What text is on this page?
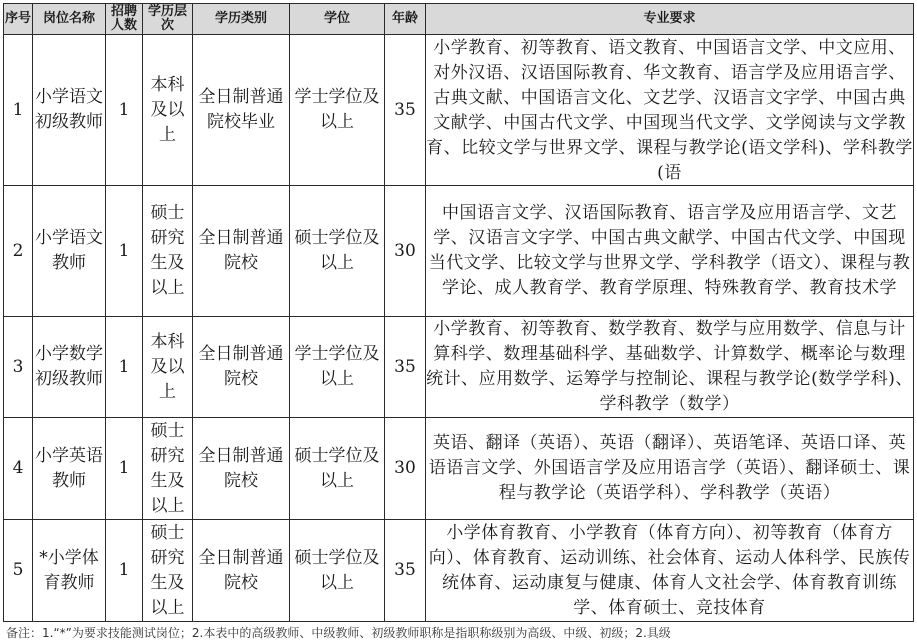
序号	岗位名称	招聘人数	学历层次	学历类别	学位	年龄	专业要求
1	小学语文初级教师	1	本科及以上	全日制普通院校毕业	学士学位及以上	35	小学教育、初等教育、语文教育、中国语言文学、中文应用、对外汉语、汉语国际教育、华文教育、语言学及应用语言学、古典文献、中国语言文化、文艺学、汉语言文字学、中国古典文献学、中国古代文学、中国现当代文学、文学阅读与文学教育、比较文学与世界文学、课程与教学论(语文学科)、学科教学(语

2	小学语文教师	1	硕士研究生及以上	全日制普通院校	硕士学位及以上	30	中国语言文学、汉语国际教育、语言学及应用语言学、文艺学、汉语言文字学、中国古典文献学、中国古代文学、中国现当代文学、比较文学与世界文学、学科教学（语文）、课程与教学论、成人教育学、教育学原理、特殊教育学、教育技术学

3	小学数学初级教师	1	本科及以上	全日制普通院校	学士学位及以上	35	小学教育、初等教育、数学教育、数学与应用数学、信息与计算科学、数理基础科学、基础数学、计算数学、概率论与数理统计、应用数学、运筹学与控制论、课程与教学论(数学学科)、学科教学（数学）

4	小学英语教师	1	硕士研究生及以上	全日制普通院校	硕士学位及以上	30	英语、翻译（英语）、英语（翻译）、英语笔译、英语口译、英语语言文学、外国语言学及应用语言学（英语）、翻译硕士、课程与教学论（英语学科）、学科教学（英语）

5	*小学体育教师	1	硕士研究生及以上	全日制普通院校	硕士学位及以上	35	小学体育教育、小学教育（体育方向）、初等教育（体育方向）、体育教育、运动训练、社会体育、运动人体科学、民族传统体育、运动康复与健康、体育人文社会学、体育教育训练学、体育硕士、竞技体育
备注：1.“*”为要求技能测试岗位；2.本表中的高级教师、中级教师、初级教师职称是指职称级别为高级、中级、初级；2.具级
